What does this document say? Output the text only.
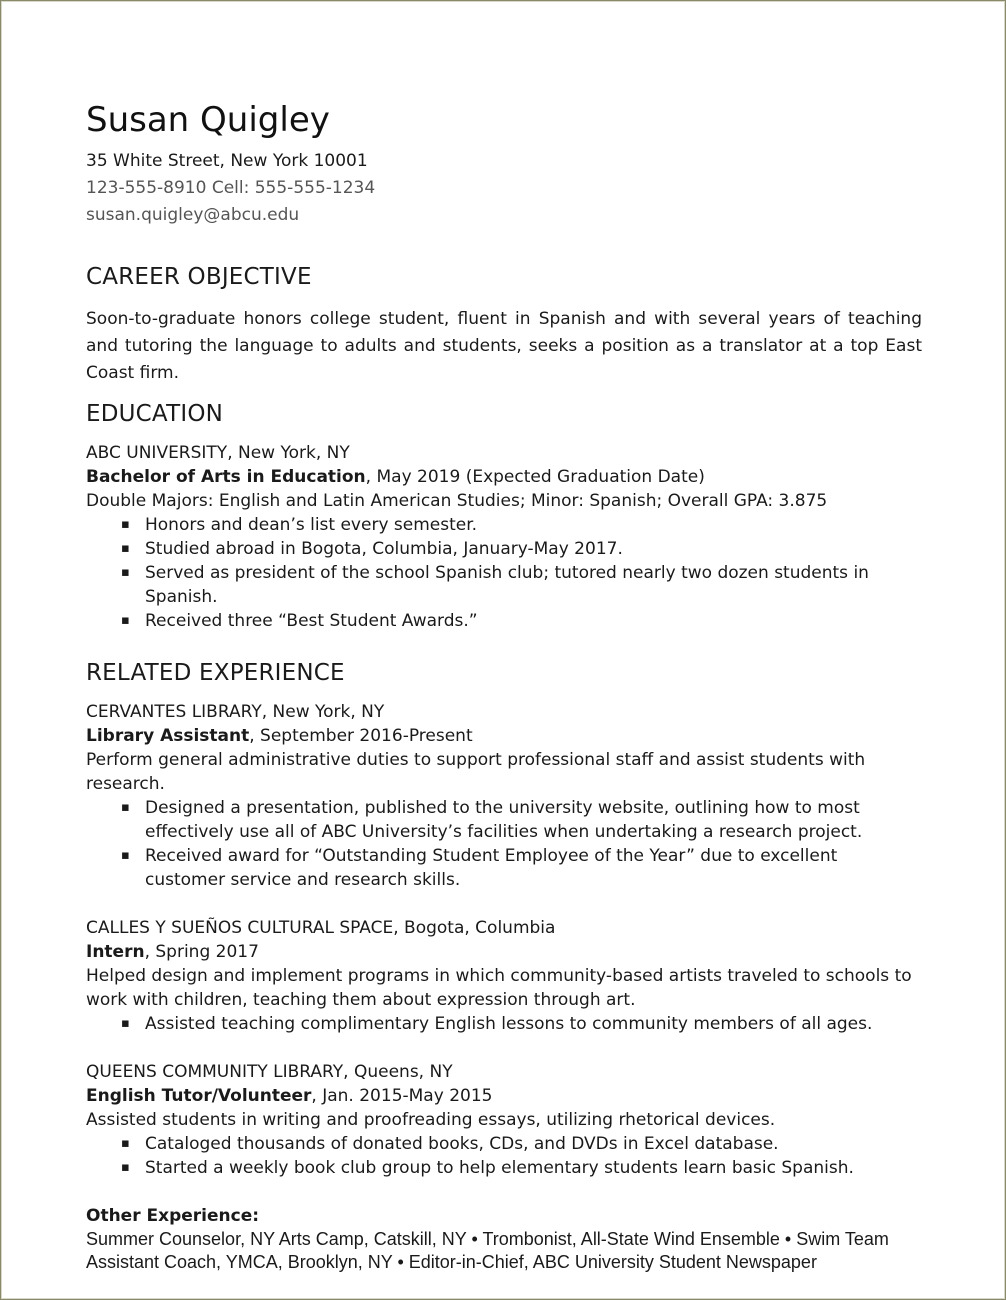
Susan Quigley
35 White Street, New York 10001
123-555-8910 Cell: 555-555-1234
susan.quigley@abcu.edu
CAREER OBJECTIVE

Soon-to-graduate honors college student, fluent in Spanish and with several years of teaching and tutoring the language to adults and students, seeks a position as a translator at a top East Coast firm.

EDUCATION

ABC UNIVERSITY, New York, NY

Bachelor of Arts in Education, May 2019 (Expected Graduation Date)

Double Majors: English and Latin American Studies; Minor: Spanish; Overall GPA: 3.875

▪ Honors and dean’s list every semester.
▪ Studied abroad in Bogota, Columbia, January-May 2017.
▪ Served as president of the school Spanish club; tutored nearly two dozen students in Spanish.
▪ Received three “Best Student Awards.”
RELATED EXPERIENCE

CERVANTES LIBRARY, New York, NY

Library Assistant, September 2016-Present

Perform general administrative duties to support professional staff and assist students with research.

▪ Designed a presentation, published to the university website, outlining how to most effectively use all of ABC University’s facilities when undertaking a research project.
▪ Received award for “Outstanding Student Employee of the Year” due to excellent customer service and research skills.

CALLES Y SUEÑOS CULTURAL SPACE, Bogota, Columbia

Intern, Spring 2017

Helped design and implement programs in which community-based artists traveled to schools to work with children, teaching them about expression through art.

▪ Assisted teaching complimentary English lessons to community members of all ages.

QUEENS COMMUNITY LIBRARY, Queens, NY

English Tutor/Volunteer, Jan. 2015-May 2015

Assisted students in writing and proofreading essays, utilizing rhetorical devices.

▪ Cataloged thousands of donated books, CDs, and DVDs in Excel database.
▪ Started a weekly book club group to help elementary students learn basic Spanish.

Other Experience:

Summer Counselor, NY Arts Camp, Catskill, NY • Trombonist, All-State Wind Ensemble • Swim Team Assistant Coach, YMCA, Brooklyn, NY • Editor-in-Chief, ABC University Student Newspaper
